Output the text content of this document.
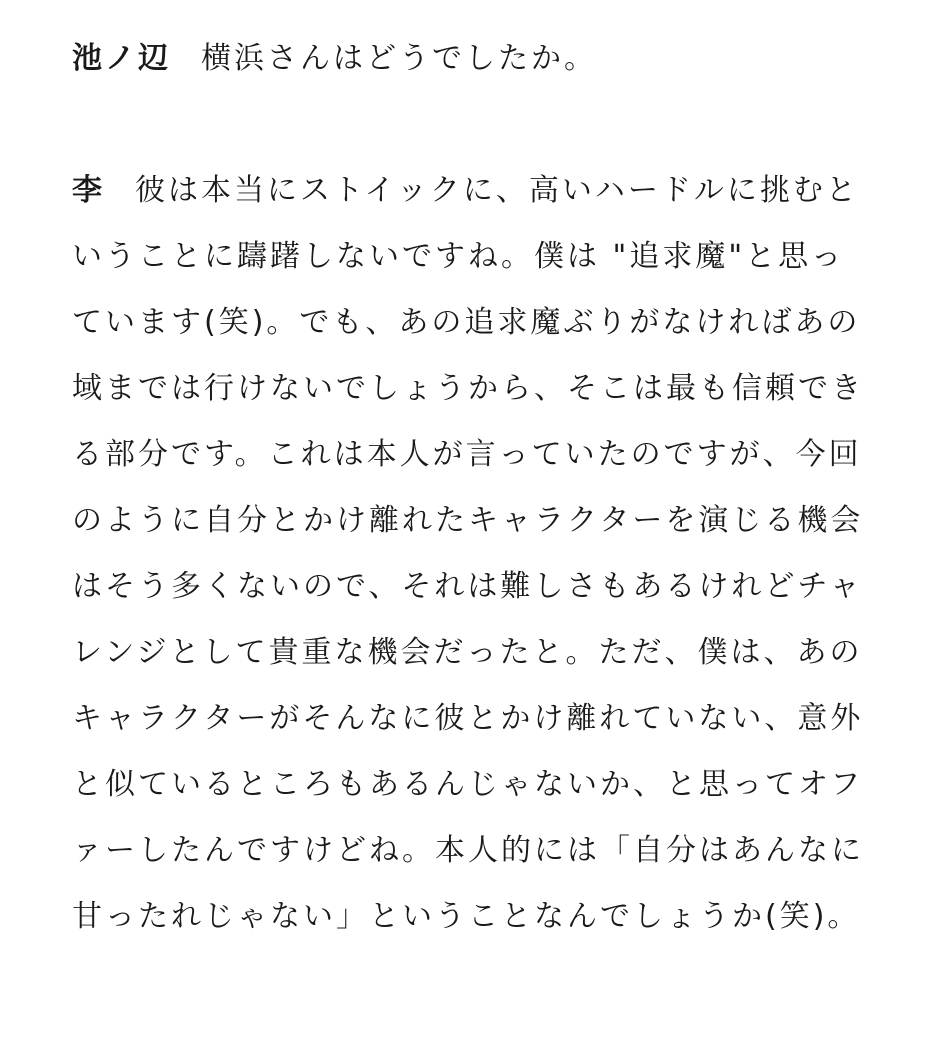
池ノ辺 横浜さんはどうでしたか。

李 彼は本当にストイックに、高いハードルに挑むということに躊躇しないですね。僕は "追求魔"と思っています(笑)。でも、あの追求魔ぶりがなければあの域までは行けないでしょうから、そこは最も信頼できる部分です。これは本人が言っていたのですが、今回のように自分とかけ離れたキャラクターを演じる機会はそう多くないので、それは難しさもあるけれどチャレンジとして貴重な機会だったと。ただ、僕は、あのキャラクターがそんなに彼とかけ離れていない、意外と似ているところもあるんじゃないか、と思ってオファーしたんですけどね。本人的には「自分はあんなに甘ったれじゃない」ということなんでしょうか(笑)。
